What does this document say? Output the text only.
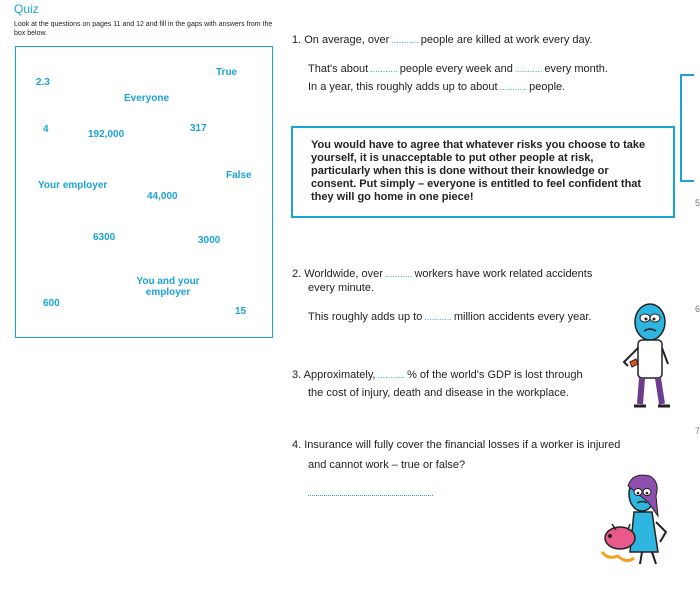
Quiz
Look at the questions on pages 11 and 12 and fill in the gaps with answers from the box below.
2.3
True
Everyone
4	192,000
317
False
Your employer
44,000
6300	3000
You and your employer
600
15
1. On average, over ........... people are killed at work every day.
That's about ........... people every week and ........... every month.
In a year, this roughly adds up to about ........... people.
You would have to agree that whatever risks you choose to take yourself, it is unacceptable to put other people at risk, particularly when this is done without their knowledge or consent. Put simply – everyone is entitled to feel confident that they will go home in one piece!
2. Worldwide, over ........... workers have work related accidents
every minute.
This roughly adds up to ........... million accidents every year.
3. Approximately, ........... % of the world's GDP is lost through
the cost of injury, death and disease in the workplace.
4. Insurance will fully cover the financial losses if a worker is injured
and cannot work – true or false?
5
6
7
